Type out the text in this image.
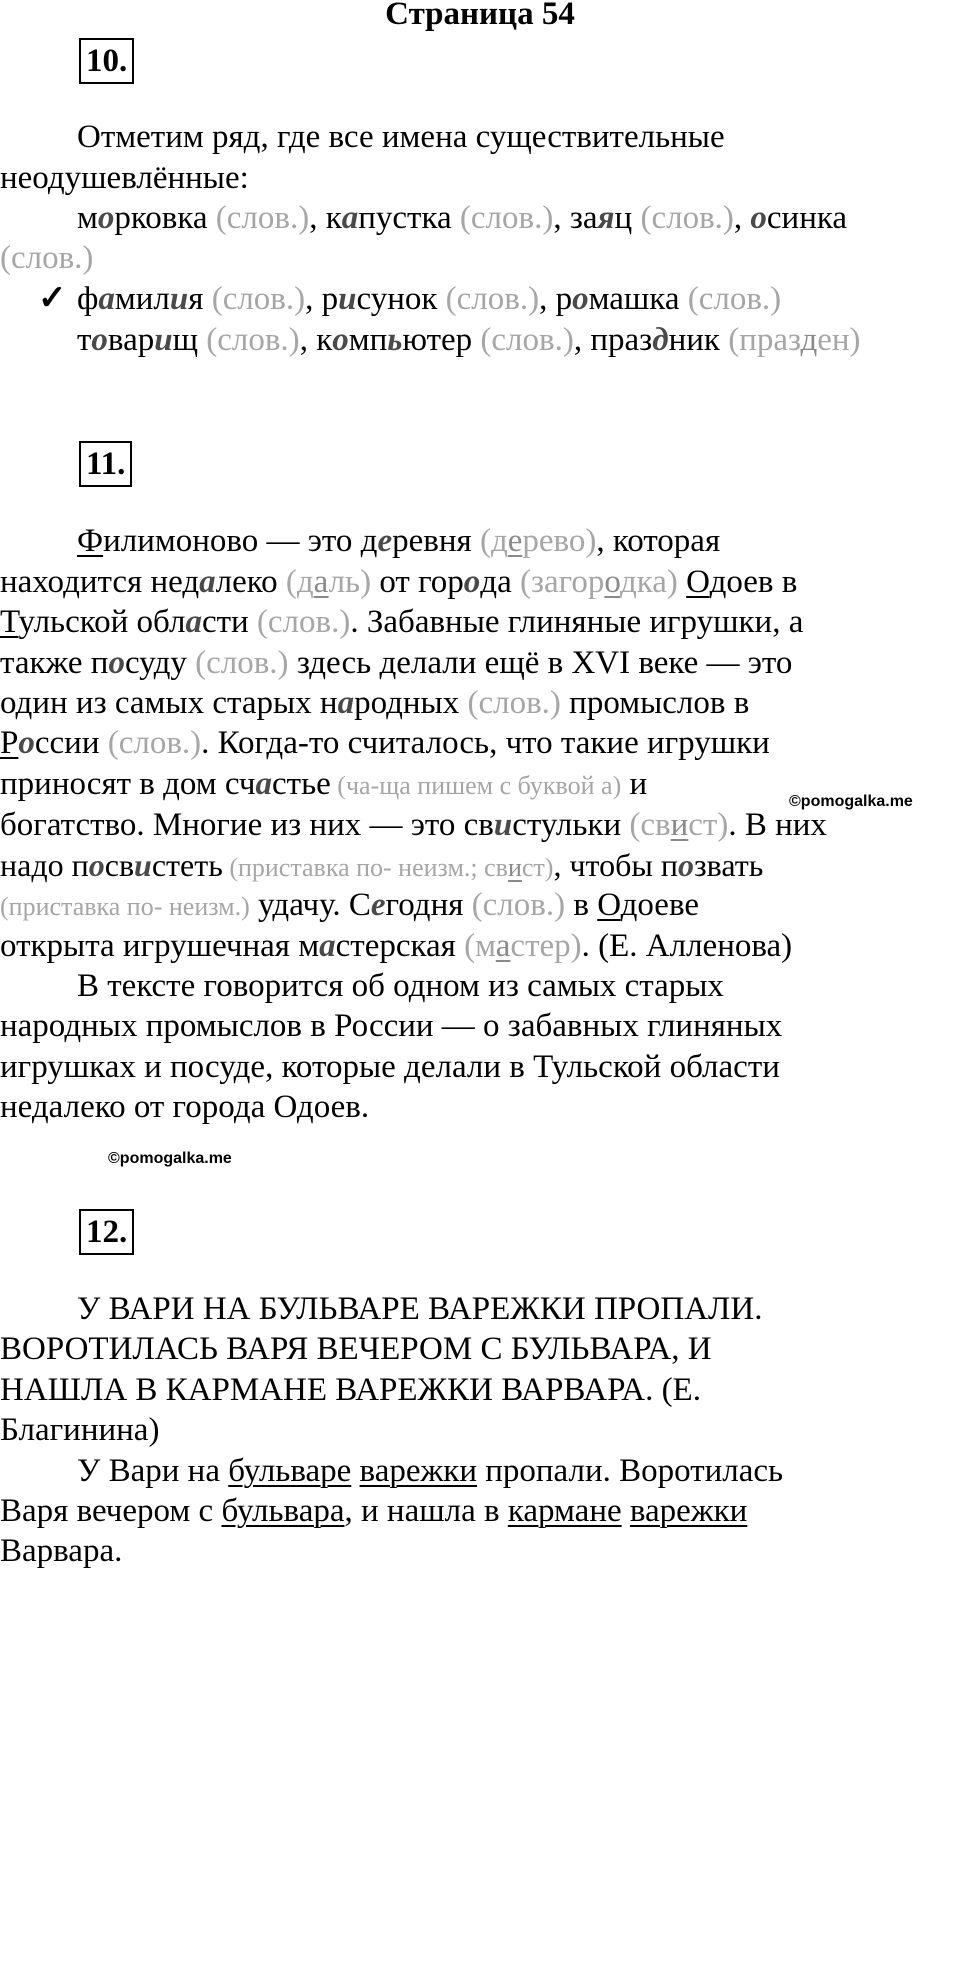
Страница 54
10.
Отметим ряд, где все имена существительные
неодушевлённые:
морковка (слов.), капустка (слов.), заяц (слов.), осинка
(слов.)
✓ фамилия (слов.), рисунок (слов.), ромашка (слов.)
товарищ (слов.), компьютер (слов.), праздник (празден)
11.
Филимоново — это деревня (дерево), которая
находится недалеко (даль) от города (загородка) Одоев в
Тульской области (слов.). Забавные глиняные игрушки, а
также посуду (слов.) здесь делали ещё в XVI веке — это
один из самых старых народных (слов.) промыслов в
России (слов.). Когда-то считалось, что такие игрушки
приносят в дом счастье (ча-ща пишем с буквой а) и	©pomogalka.me
богатство. Многие из них — это свистульки (свист). В них
надо посвистеть (приставка по- неизм.; свист), чтобы позвать
(приставка по- неизм.) удачу. Сегодня (слов.) в Одоеве
открыта игрушечная мастерская (мастер). (Е. Алленова)
В тексте говорится об одном из самых старых
народных промыслов в России — о забавных глиняных
игрушках и посуде, которые делали в Тульской области
недалеко от города Одоев.
©pomogalka.me
12.
У ВАРИ НА БУЛЬВАРЕ ВАРЕЖКИ ПРОПАЛИ.
ВОРОТИЛАСЬ ВАРЯ ВЕЧЕРОМ С БУЛЬВАРА, И
НАШЛА В КАРМАНЕ ВАРЕЖКИ ВАРВАРА. (Е.
Благинина)
У Вари на бульваре варежки пропали. Воротилась
Варя вечером с бульвара, и нашла в кармане варежки
Варвара.
